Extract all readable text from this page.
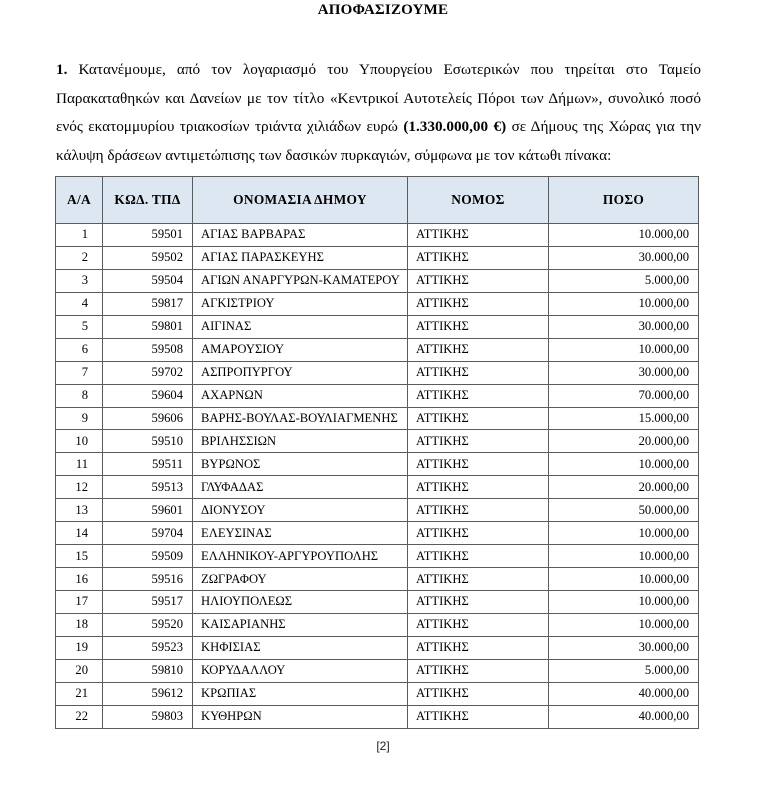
ΑΠΟΦΑΣΙΖΟΥΜΕ

1. Κατανέμουμε, από τον λογαριασμό του Υπουργείου Εσωτερικών που τηρείται στο Ταμείο Παρακαταθηκών και Δανείων με τον τίτλο «Κεντρικοί Αυτοτελείς Πόροι των Δήμων», συνολικό ποσό ενός εκατομμυρίου τριακοσίων τριάντα χιλιάδων ευρώ (1.330.000,00 €) σε Δήμους της Χώρας για την κάλυψη δράσεων αντιμετώπισης των δασικών πυρκαγιών, σύμφωνα με τον κάτωθι πίνακα:

Α/Α	ΚΩΔ. ΤΠΔ	ΟΝΟΜΑΣΙΑ ΔΗΜΟΥ	ΝΟΜΟΣ	ΠΟΣΟ
1	59501	ΑΓΙΑΣ ΒΑΡΒΑΡΑΣ	ΑΤΤΙΚΗΣ	10.000,00
2	59502	ΑΓΙΑΣ ΠΑΡΑΣΚΕΥΗΣ	ΑΤΤΙΚΗΣ	30.000,00
3	59504	ΑΓΙΩΝ ΑΝΑΡΓΥΡΩΝ-ΚΑΜΑΤΕΡΟΥ	ΑΤΤΙΚΗΣ	5.000,00
4	59817	ΑΓΚΙΣΤΡΙΟΥ	ΑΤΤΙΚΗΣ	10.000,00
5	59801	ΑΙΓΙΝΑΣ	ΑΤΤΙΚΗΣ	30.000,00
6	59508	ΑΜΑΡΟΥΣΙΟΥ	ΑΤΤΙΚΗΣ	10.000,00
7	59702	ΑΣΠΡΟΠΥΡΓΟΥ	ΑΤΤΙΚΗΣ	30.000,00
8	59604	ΑΧΑΡΝΩΝ	ΑΤΤΙΚΗΣ	70.000,00
9	59606	ΒΑΡΗΣ-ΒΟΥΛΑΣ-ΒΟΥΛΙΑΓΜΕΝΗΣ	ΑΤΤΙΚΗΣ	15.000,00
10	59510	ΒΡΙΛΗΣΣΙΩΝ	ΑΤΤΙΚΗΣ	20.000,00
11	59511	ΒΥΡΩΝΟΣ	ΑΤΤΙΚΗΣ	10.000,00
12	59513	ΓΛΥΦΑΔΑΣ	ΑΤΤΙΚΗΣ	20.000,00
13	59601	ΔΙΟΝΥΣΟΥ	ΑΤΤΙΚΗΣ	50.000,00
14	59704	ΕΛΕΥΣΙΝΑΣ	ΑΤΤΙΚΗΣ	10.000,00
15	59509	ΕΛΛΗΝΙΚΟΥ-ΑΡΓΥΡΟΥΠΟΛΗΣ	ΑΤΤΙΚΗΣ	10.000,00
16	59516	ΖΩΓΡΑΦΟΥ	ΑΤΤΙΚΗΣ	10.000,00
17	59517	ΗΛΙΟΥΠΟΛΕΩΣ	ΑΤΤΙΚΗΣ	10.000,00
18	59520	ΚΑΙΣΑΡΙΑΝΗΣ	ΑΤΤΙΚΗΣ	10.000,00
19	59523	ΚΗΦΙΣΙΑΣ	ΑΤΤΙΚΗΣ	30.000,00
20	59810	ΚΟΡΥΔΑΛΛΟΥ	ΑΤΤΙΚΗΣ	5.000,00
21	59612	ΚΡΩΠΙΑΣ	ΑΤΤΙΚΗΣ	40.000,00
22	59803	ΚΥΘΗΡΩΝ	ΑΤΤΙΚΗΣ	40.000,00
[2]
